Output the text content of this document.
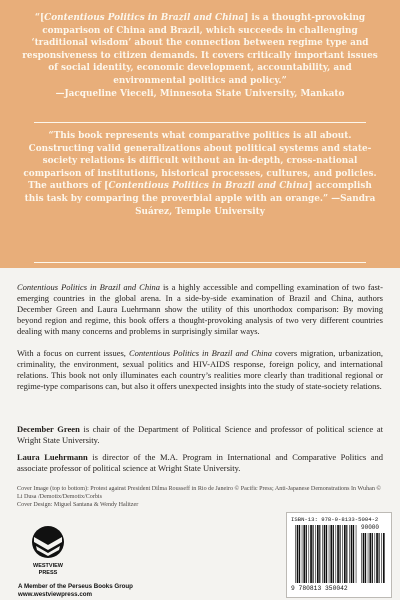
“[Contentious Politics in Brazil and China] is a thought-provoking comparison of China and Brazil, which succeeds in challenging ‘traditional wisdom’ about the connection between regime type and responsiveness to citizen demands. It covers critically important issues of social identity, economic development, accountability, and environmental politics and policy.”
—Jacqueline Vieceli, Minnesota State University, Mankato

“This book represents what comparative politics is all about. Constructing valid generalizations about political systems and state-society relations is difficult without an in-depth, cross-national comparison of institutions, historical processes, cultures, and policies. The authors of [Contentious Politics in Brazil and China] accomplish this task by comparing the proverbial apple with an orange.” —Sandra Suárez, Temple University

Contentious Politics in Brazil and China is a highly accessible and compelling examination of two fast-emerging countries in the global arena. In a side-by-side examination of Brazil and China, authors December Green and Laura Luehrmann show the utility of this unorthodox comparison: By moving beyond region and regime, this book offers a thought-provoking analysis of two very different countries dealing with many concerns and problems in surprisingly similar ways.

With a focus on current issues, Contentious Politics in Brazil and China covers migration, urbanization, criminality, the environment, sexual politics and HIV-AIDS response, foreign policy, and international relations. This book not only illuminates each country’s realities more clearly than traditional regional or regime-type comparisons can, but also it offers unexpected insights into the study of state-society relations.

December Green is chair of the Department of Political Science and professor of political science at Wright State University.

Laura Luehrmann is director of the M.A. Program in International and Comparative Politics and associate professor of political science at Wright State University.

Cover Image (top to bottom): Protest against President Dilma Rousseff in Rio de Janeiro © Pacific Press; Anti-Japanese Demonstrations In Wuhan © Li Dusa /Demotix/Demotix/Corbis
Cover Design: Miguel Santana & Wendy Halitzer

WESTVIEW
PRESS
A Member of the Perseus Books Group
www.westviewpress.com
ISBN-13: 978-0-8133-5004-2
90000
9 780813 350042
